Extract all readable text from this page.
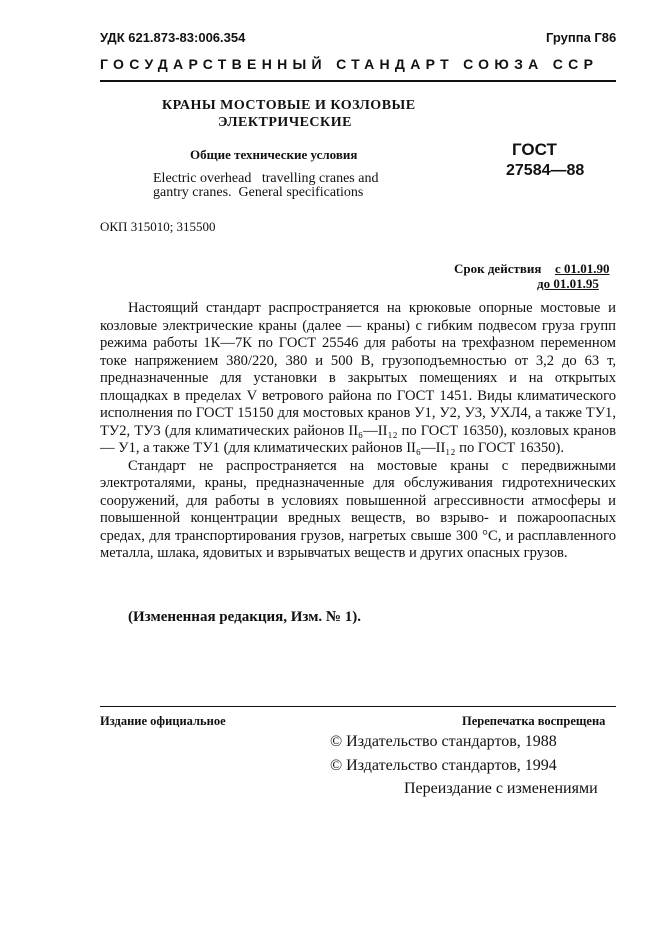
УДК 621.873-83:006.354	Группа Г86
ГОСУДАРСТВЕННЫЙ СТАНДАРТ СОЮЗА ССР
КРАНЫ МОСТОВЫЕ И КОЗЛОВЫЕ
ЭЛЕКТРИЧЕСКИЕ
Общие технические условия
Electric overhead   travelling cranes and
gantry cranes.  General specifications
ГОСТ
27584—88
ОКП 315010; 315500
Срок действия с 01.01.90
до 01.01.95

Настоящий стандарт распространяется на крюковые опорные мостовые и козловые электрические краны (далее — краны) с гибким подвесом груза групп режима работы 1К—7К по ГОСТ 25546 для работы на трехфазном переменном токе напряжением 380/220, 380 и 500 В, грузоподъемностью от 3,2 до 63 т, предназначенные для установки в закрытых помещениях и на открытых площадках в пределах V ветрового района по ГОСТ 1451. Виды климатического исполнения по ГОСТ 15150 для мостовых кранов У1, У2, У3, УХЛ4, а также ТУ1, ТУ2, ТУ3 (для климатических районов II₆—II₁₂ по ГОСТ 16350), козловых кранов — У1, а также ТУ1 (для климатических районов II₆—II₁₂ по ГОСТ 16350).

Стандарт не распространяется на мостовые краны с передвижными электроталями, краны, предназначенные для обслуживания гидротехнических сооружений, для работы в условиях повышенной агрессивности атмосферы и повышенной концентрации вредных веществ, во взрыво- и пожароопасных средах, для транспортирования грузов, нагретых свыше 300 °С, и расплавленного металла, шлака, ядовитых и взрывчатых веществ и других опасных грузов.

(Измененная редакция, Изм. № 1).
Издание официальное	Перепечатка воспрещена
© Издательство стандартов, 1988
© Издательство стандартов, 1994
Переиздание с изменениями
